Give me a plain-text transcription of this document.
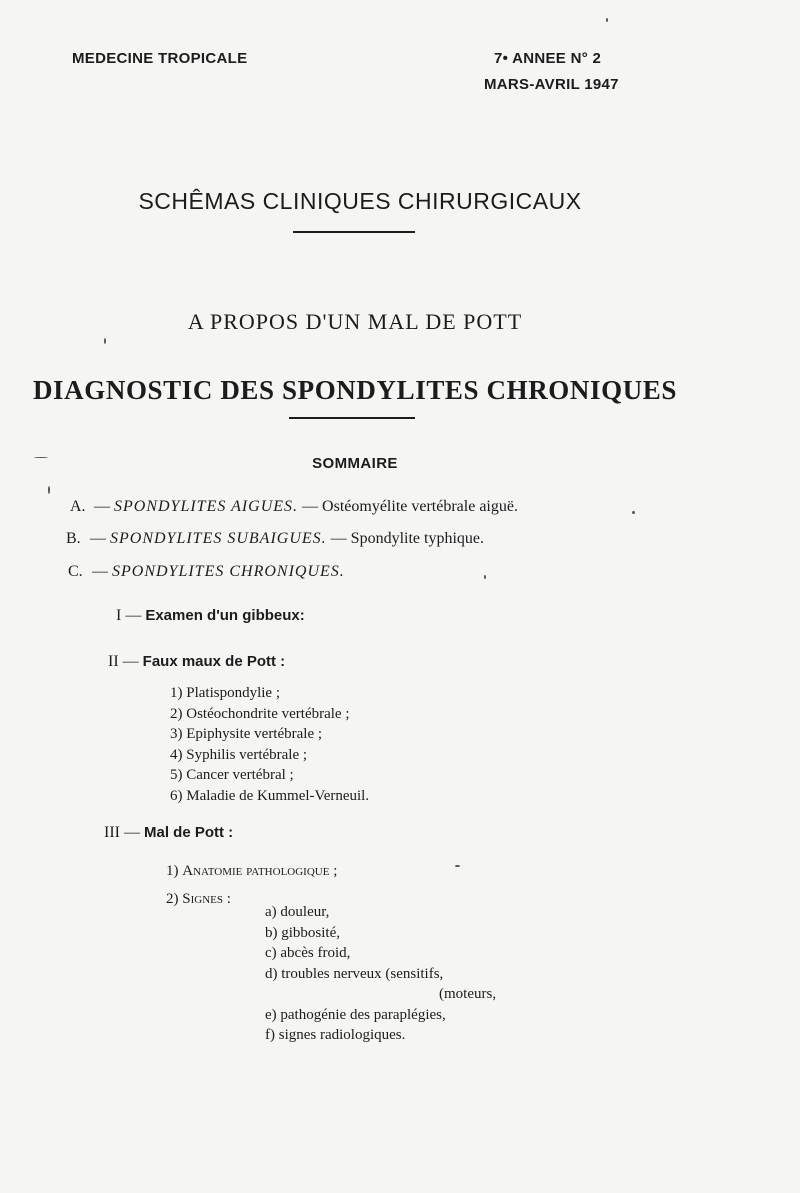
MEDECINE TROPICALE	7• ANNEE N° 2
MARS-AVRIL 1947
SCHÊMAS CLINIQUES CHIRURGICAUX
A PROPOS D'UN MAL DE POTT
DIAGNOSTIC DES SPONDYLITES CHRONIQUES
SOMMAIRE
A. — SPONDYLITES AIGUES. — Ostéomyélite vertébrale aiguë.
B. — SPONDYLITES SUBAIGUES. — Spondylite typhique.
C. — SPONDYLITES CHRONIQUES.
I — Examen d'un gibbeux:
II — Faux maux de Pott :
1) Platispondylie ;
2) Ostéochondrite vertébrale ;
3) Epiphysite vertébrale ;
4) Syphilis vertébrale ;
5) Cancer vertébral ;
6) Maladie de Kummel-Verneuil.
III — Mal de Pott :
1) Anatomie pathologique ;
2) Signes :
a) douleur,
b) gibbosité,
c) abcès froid,
d) troubles nerveux (sensitifs,
(moteurs,
e) pathogénie des paraplégies,
f) signes radiologiques.
